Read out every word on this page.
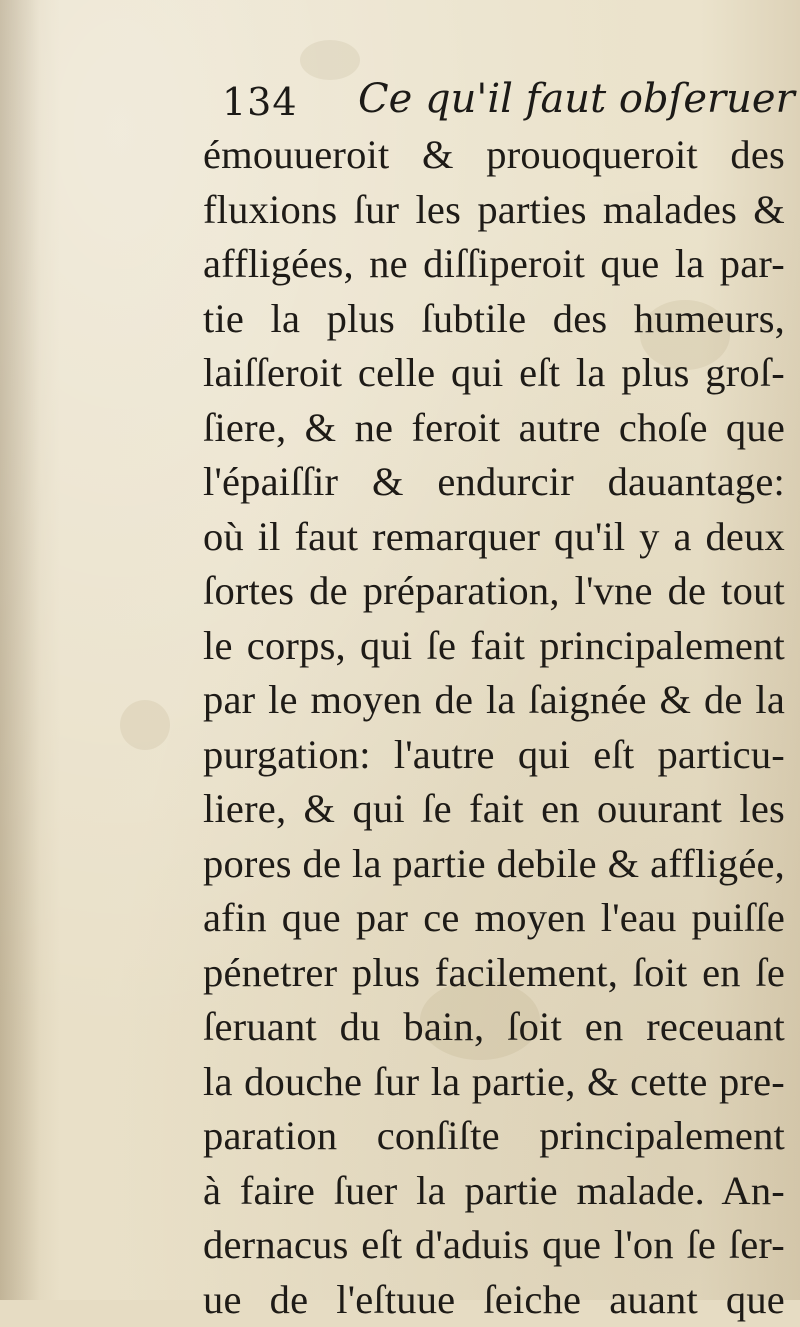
134 Ce qu'il faut obſeruer
émouueroit & prouoqueroit des
fluxions ſur les parties malades &
affligées, ne diſſiperoit que la par-
tie la plus ſubtile des humeurs,
laiſſeroit celle qui eſt la plus groſ-
ſiere, & ne feroit autre choſe que
l'épaiſſir & endurcir dauantage:
où il faut remarquer qu'il y a deux
ſortes de préparation, l'vne de tout
le corps, qui ſe fait principalement
par le moyen de la ſaignée & de la
purgation: l'autre qui eſt particu-
liere, & qui ſe fait en ouurant les
pores de la partie debile & affligée,
afin que par ce moyen l'eau puiſſe
pénetrer plus facilement, ſoit en ſe
ſeruant du bain, ſoit en receuant
la douche ſur la partie, & cette pre-
paration conſiſte principalement
à faire ſuer la partie malade. An-
dernacus eſt d'aduis que l'on ſe ſer-
ue de l'eſtuue ſeiche auant que
